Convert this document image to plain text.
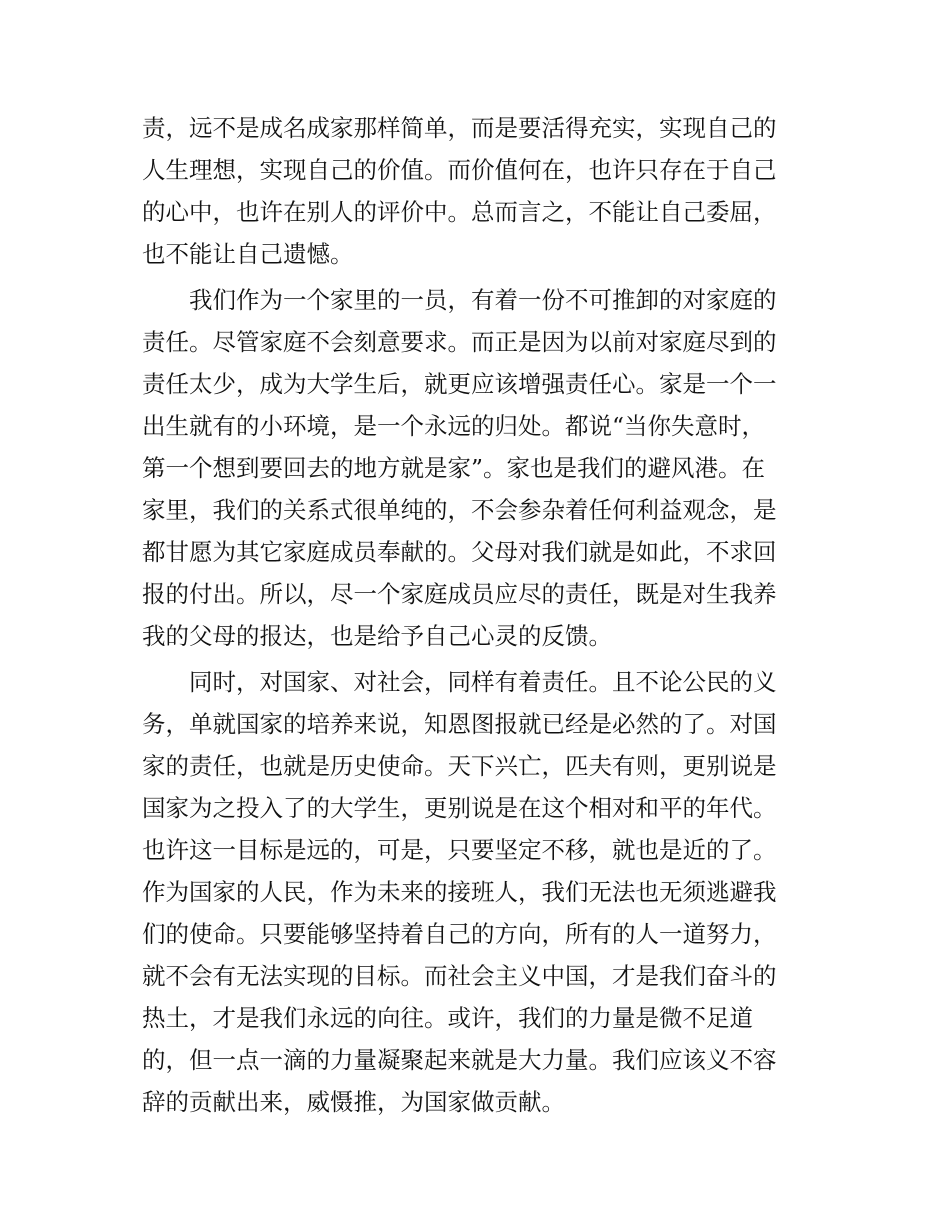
责，远不是成名成家那样简单，而是要活得充实，实现自己的
人生理想，实现自己的价值。而价值何在，也许只存在于自己
的心中，也许在别人的评价中。总而言之，不能让自己委屈，
也不能让自己遗憾。
我们作为一个家里的一员，有着一份不可推卸的对家庭的
责任。尽管家庭不会刻意要求。而正是因为以前对家庭尽到的
责任太少，成为大学生后，就更应该增强责任心。家是一个一
出生就有的小环境，是一个永远的归处。都说“当你失意时，
第一个想到要回去的地方就是家”。家也是我们的避风港。在
家里，我们的关系式很单纯的，不会参杂着任何利益观念，是
都甘愿为其它家庭成员奉献的。父母对我们就是如此，不求回
报的付出。所以，尽一个家庭成员应尽的责任，既是对生我养
我的父母的报达，也是给予自己心灵的反馈。
同时，对国家、对社会，同样有着责任。且不论公民的义
务，单就国家的培养来说，知恩图报就已经是必然的了。对国
家的责任，也就是历史使命。天下兴亡，匹夫有则，更别说是
国家为之投入了的大学生，更别说是在这个相对和平的年代。
也许这一目标是远的，可是，只要坚定不移，就也是近的了。
作为国家的人民，作为未来的接班人，我们无法也无须逃避我
们的使命。只要能够坚持着自己的方向，所有的人一道努力，
就不会有无法实现的目标。而社会主义中国，才是我们奋斗的
热土，才是我们永远的向往。或许，我们的力量是微不足道
的，但一点一滴的力量凝聚起来就是大力量。我们应该义不容
辞的贡献出来，威慑推，为国家做贡献。
